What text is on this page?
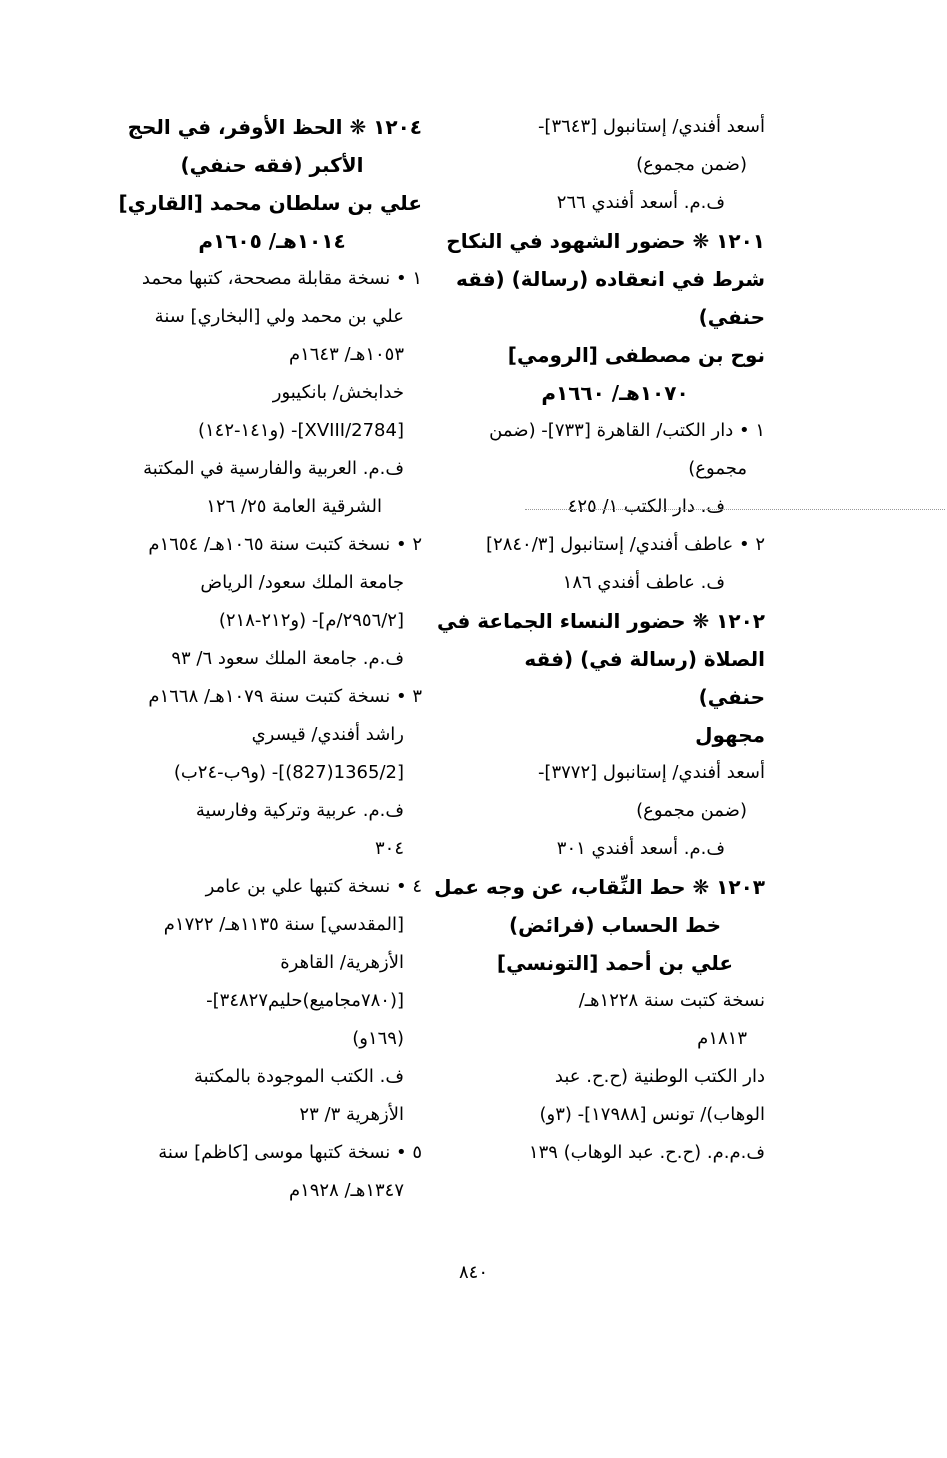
أسعد أفندي/ إستانبول [٣٦٤٣]-
(ضمن مجموع)
ف.م. أسعد أفندي ٢٦٦
١٢٠١ ❋ حضور الشهود في النكاح
شرط في انعقاده (رسالة) (فقه
حنفي)
نوح بن مصطفى [الرومي]
١٠٧٠هـ/ ١٦٦٠م
١ • دار الكتب/ القاهرة [٧٣٣]- (ضمن
مجموع)
ف. دار الكتب ١/ ٤٢٥
٢ • عاطف أفندي/ إستانبول [٢٨٤٠/٣]
ف. عاطف أفندي ١٨٦
١٢٠٢ ❋ حضور النساء الجماعة في
الصلاة (رسالة في) (فقه
حنفي)
مجهول
أسعد أفندي/ إستانبول [٣٧٧٢]-
(ضمن مجموع)
ف.م. أسعد أفندي ٣٠١
١٢٠٣ ❋ حط النِّقاب، عن وجه عمل
خط الحساب (فرائض)
علي بن أحمد [التونسي]
نسخة كتبت سنة ١٢٢٨هـ/
١٨١٣م
دار الكتب الوطنية (ح.ح. عبد
الوهاب)/ تونس [١٧٩٨٨]- (٣و)
ف.م.م. (ح.ح. عبد الوهاب) ١٣٩
١٢٠٤ ❋ الحظ الأوفر، في الحج
الأكبر (فقه حنفي)
علي بن سلطان محمد [القاري]
١٠١٤هـ/ ١٦٠٥م
١ • نسخة مقابلة مصححة، كتبها محمد
علي بن محمد ولي [البخاري] سنة
١٠٥٣هـ/ ١٦٤٣م
خدابخش/ بانكيبور
[2784/XVIII]- (و١٤١-١٤٢)
ف.م. العربية والفارسية في المكتبة
الشرقية العامة ٢٥/ ١٢٦
٢ • نسخة كتبت سنة ١٠٦٥هـ/ ١٦٥٤م
جامعة الملك سعود/ الرياض
[٢٩٥٦/٢/م]- (و٢١٢-٢١٨)
ف.م. جامعة الملك سعود ٦/ ٩٣
٣ • نسخة كتبت سنة ١٠٧٩هـ/ ١٦٦٨م
راشد أفندي/ قيسري
[1365/2(827)]- (و٩ب-٢٤ب)
ف.م. عربية وتركية وفارسية
٣٠٤
٤ • نسخة كتبها علي بن عامر
[المقدسي] سنة ١١٣٥هـ/ ١٧٢٢م
الأزهرية/ القاهرة
[(٧٨٠مجاميع)حليم٣٤٨٢٧]-
(١٦٩و)
ف. الكتب الموجودة بالمكتبة
الأزهرية ٣/ ٢٣
٥ • نسخة كتبها موسى [كاظم] سنة
١٣٤٧هـ/ ١٩٢٨م
٨٤٠
